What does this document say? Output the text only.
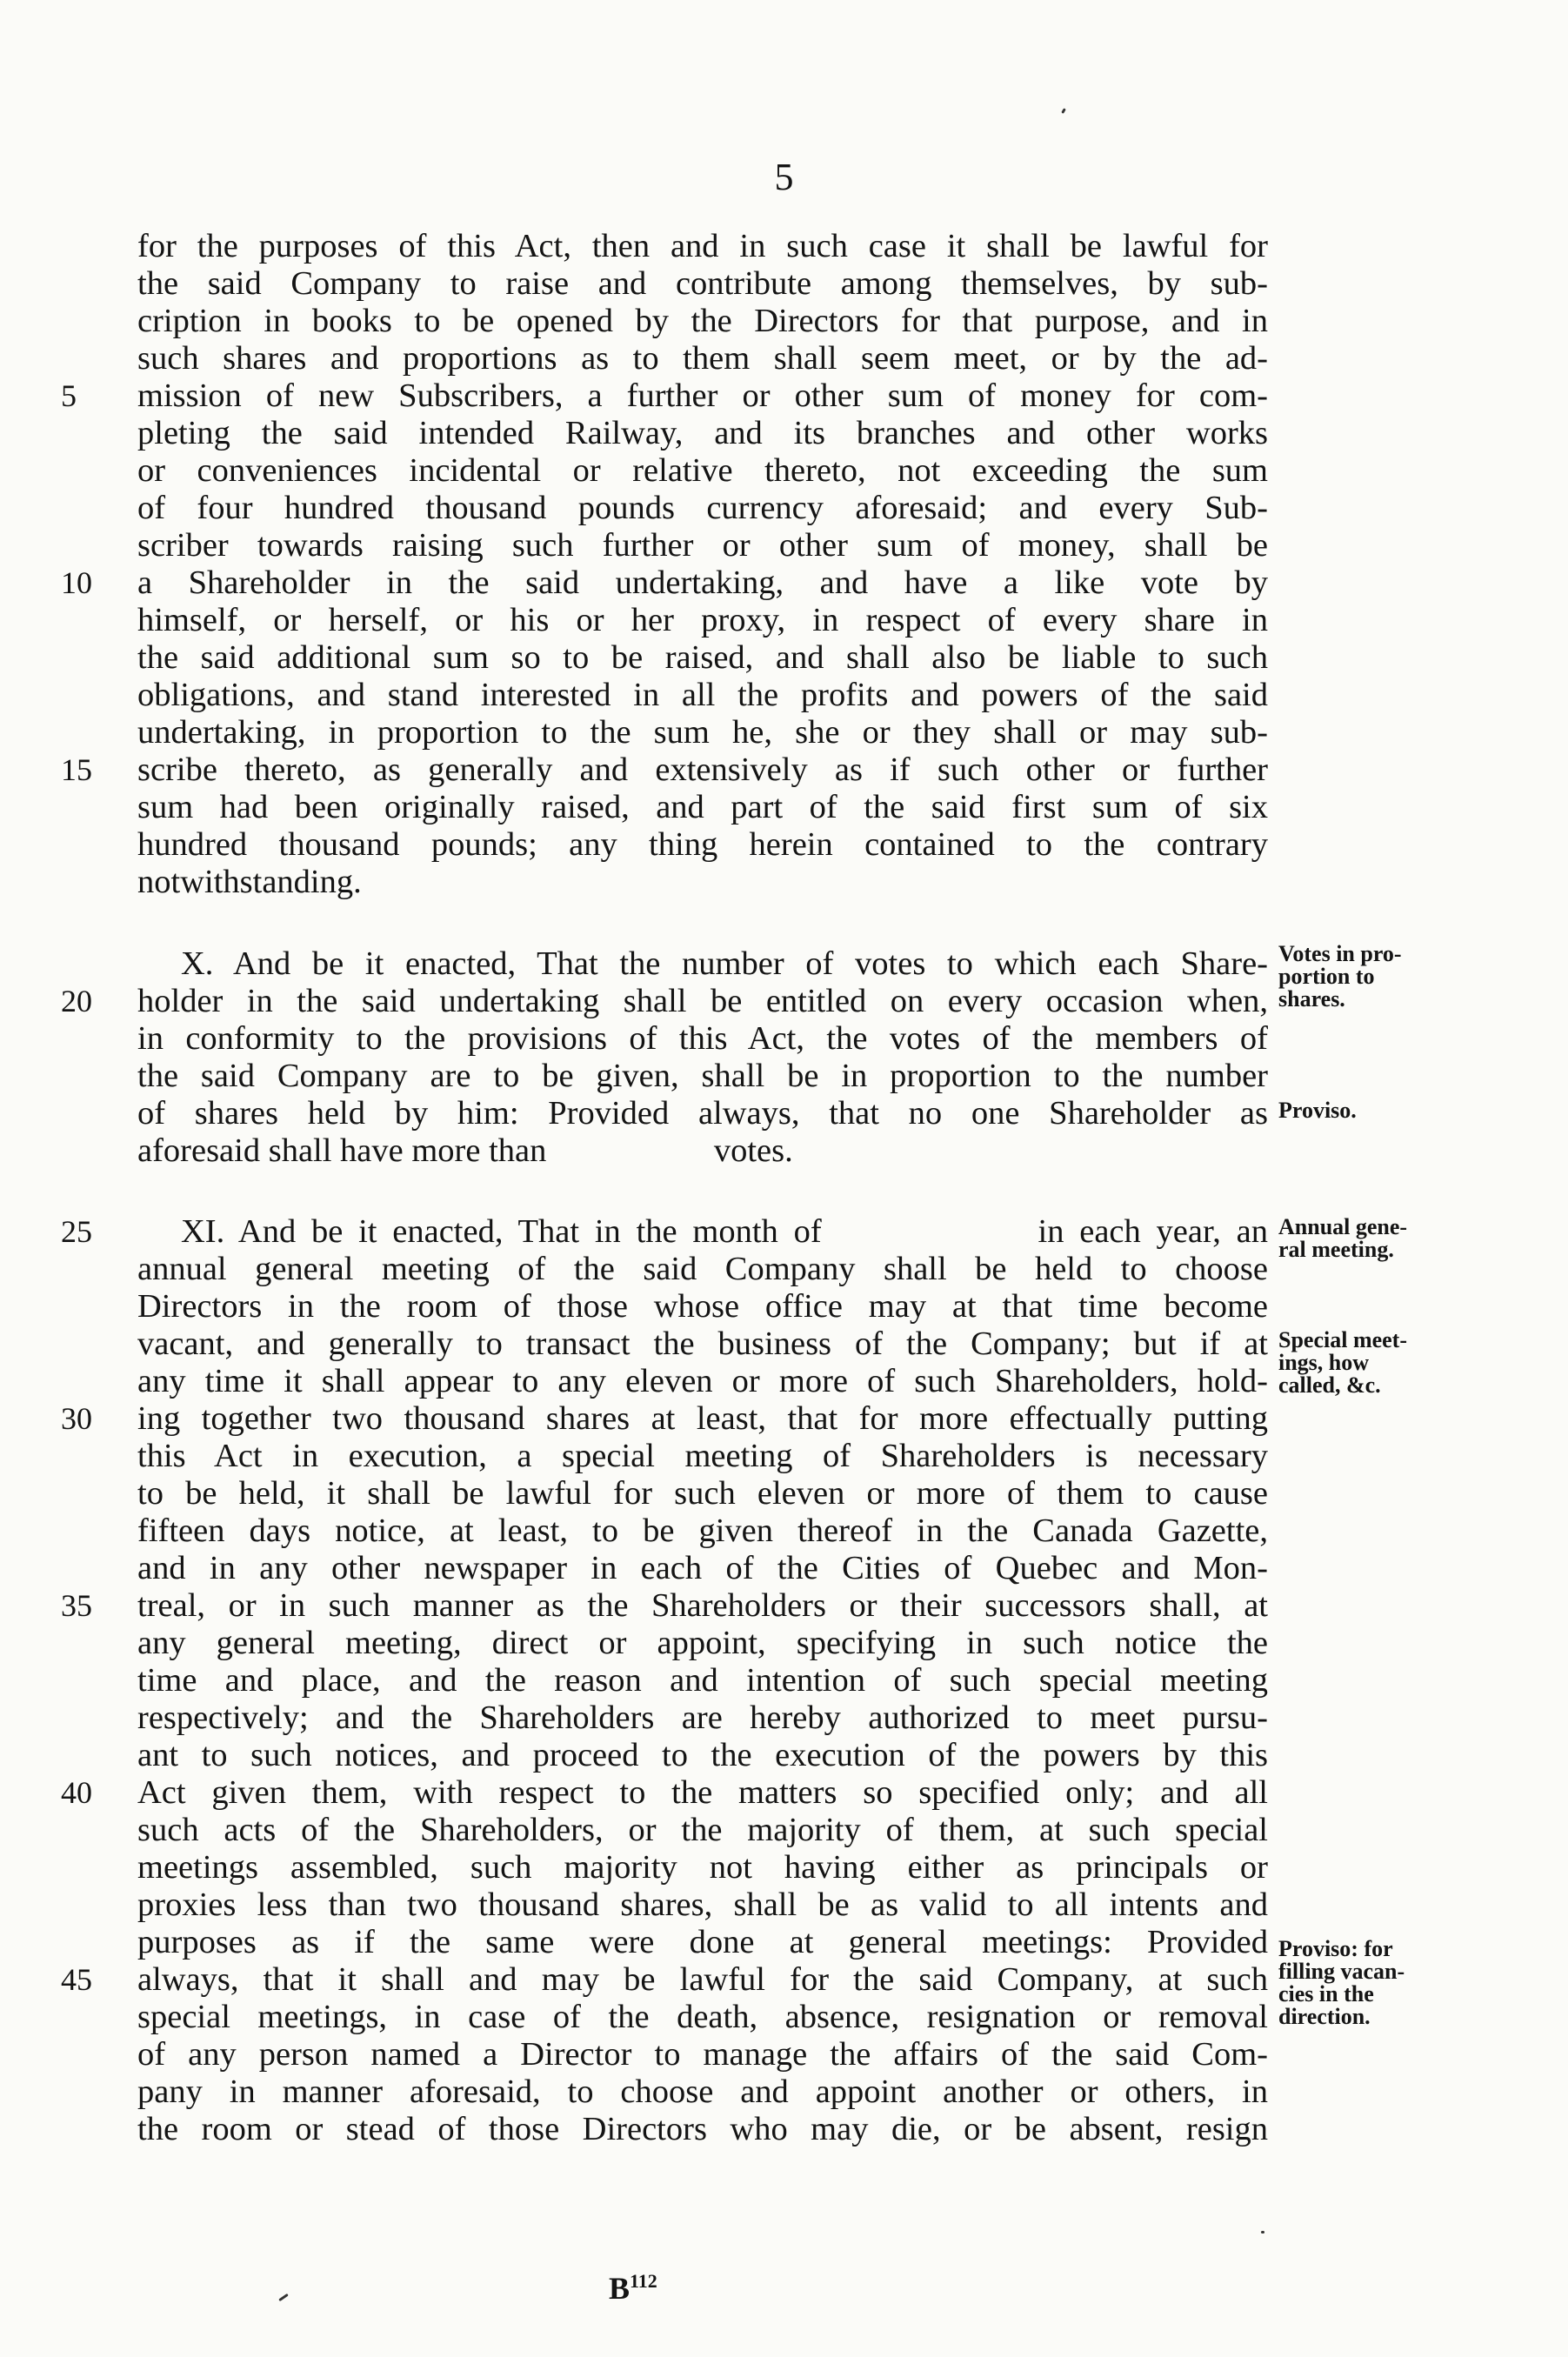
5
5
10
15
20
25
30
35
40
45
for the purposes of this Act, then and in such case it shall be lawful for
the said Company to raise and contribute among themselves, by sub-
cription in books to be opened by the Directors for that purpose, and in
such shares and proportions as to them shall seem meet, or by the ad-
mission of new Subscribers, a further or other sum of money for com-
pleting the said intended Railway, and its branches and other works
or conveniences incidental or relative thereto, not exceeding the sum
of four hundred thousand pounds currency aforesaid; and every Sub-
scriber towards raising such further or other sum of money, shall be
a Shareholder in the said undertaking, and have a like vote by
himself, or herself, or his or her proxy, in respect of every share in
the said additional sum so to be raised, and shall also be liable to such
obligations, and stand interested in all the profits and powers of the said
undertaking, in proportion to the sum he, she or they shall or may sub-
scribe thereto, as generally and extensively as if such other or further
sum had been originally raised, and part of the said first sum of six
hundred thousand pounds; any thing herein contained to the contrary
notwithstanding.
X. And be it enacted, That the number of votes to which each Share-
holder in the said undertaking shall be entitled on every occasion when,
in conformity to the provisions of this Act, the votes of the members of
the said Company are to be given, shall be in proportion to the number
of shares held by him: Provided always, that no one Shareholder as
aforesaid shall have more than                    votes.
XI. And be it enacted, That in the month of              in each year, an
annual general meeting of the said Company shall be held to choose
Directors in the room of those whose office may at that time become
vacant, and generally to transact the business of the Company; but if at
any time it shall appear to any eleven or more of such Shareholders, hold-
ing together two thousand shares at least, that for more effectually putting
this Act in execution, a special meeting of Shareholders is necessary
to be held, it shall be lawful for such eleven or more of them to cause
fifteen days notice, at least, to be given thereof in the Canada Gazette,
and in any other newspaper in each of the Cities of Quebec and Mon-
treal, or in such manner as the Shareholders or their successors shall, at
any general meeting, direct or appoint, specifying in such notice the
time and place, and the reason and intention of such special meeting
respectively; and the Shareholders are hereby authorized to meet pursu-
ant to such notices, and proceed to the execution of the powers by this
Act given them, with respect to the matters so specified only; and all
such acts of the Shareholders, or the majority of them, at such special
meetings assembled, such majority not having either as principals or
proxies less than two thousand shares, shall be as valid to all intents and
purposes as if the same were done at general meetings: Provided
always, that it shall and may be lawful for the said Company, at such
special meetings, in case of the death, absence, resignation or removal
of any person named a Director to manage the affairs of the said Com-
pany in manner aforesaid, to choose and appoint another or others, in
the room or stead of those Directors who may die, or be absent, resign
Votes in pro-
portion to
shares.
Proviso.
Annual gene-
ral meeting.
Special meet-
ings, how
called, &c.
Proviso: for
filling vacan-
cies in the
direction.
$B^{112}$
